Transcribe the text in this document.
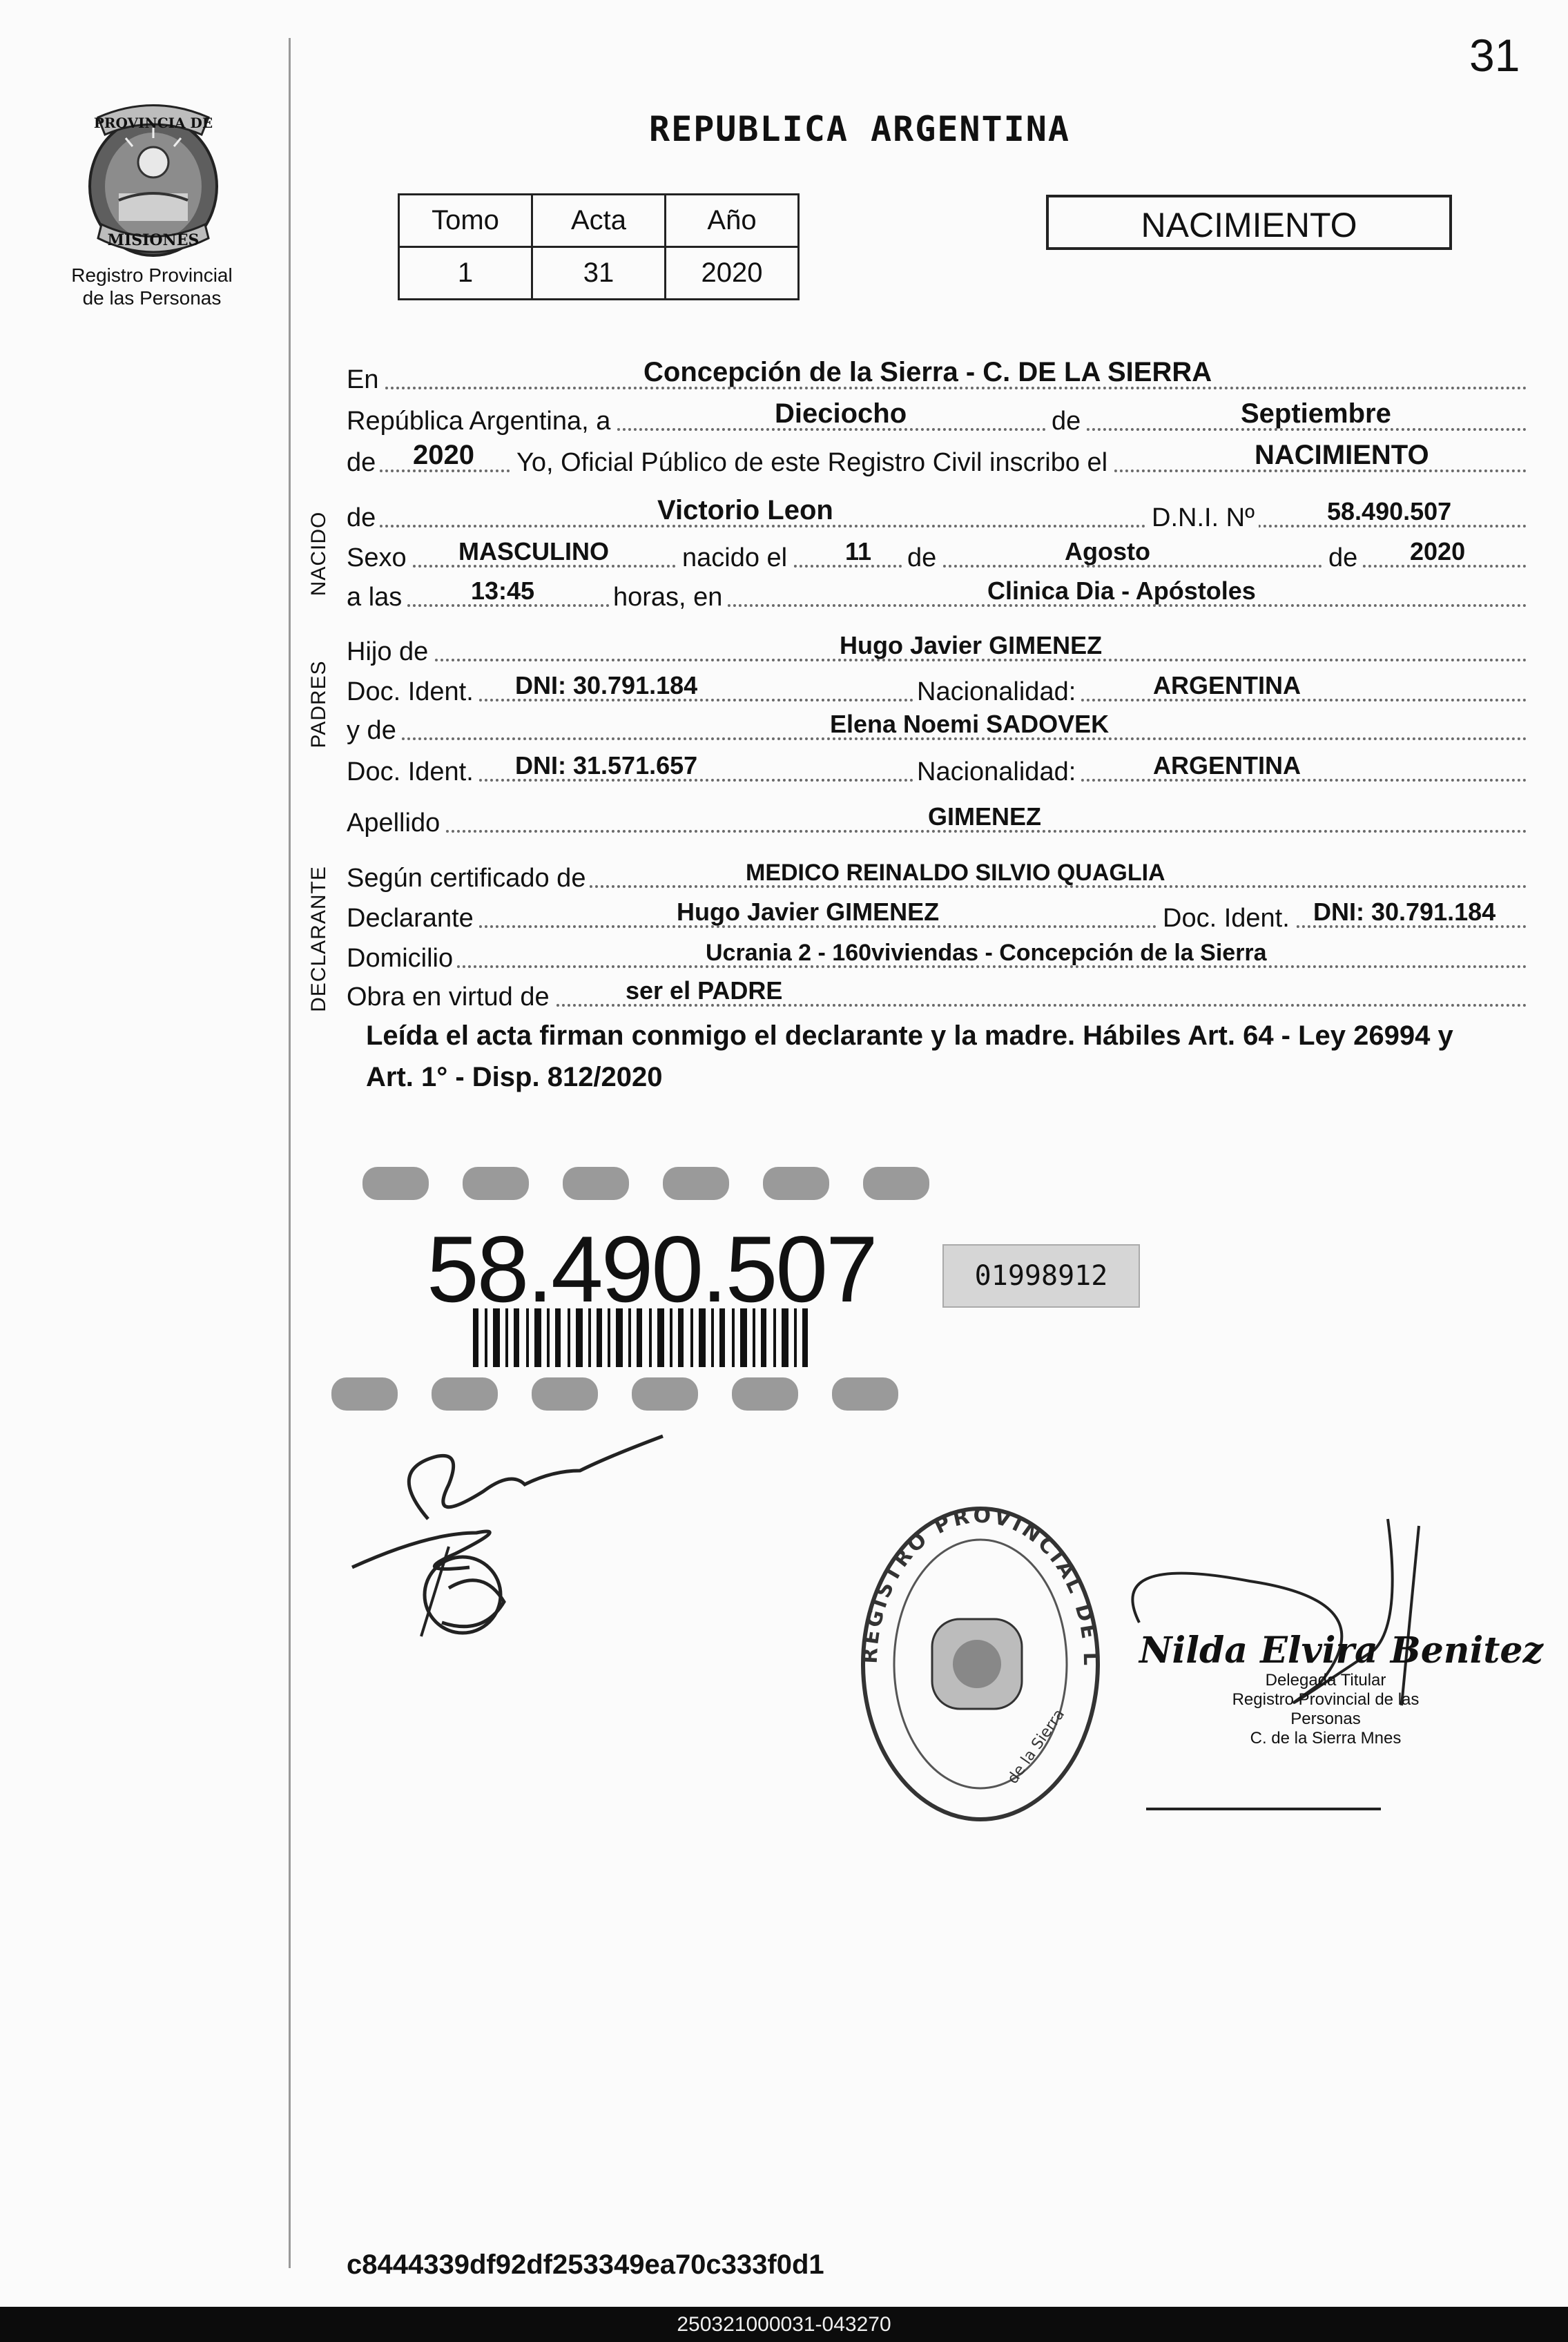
31
PROVINCIA DE
MISIONES
Registro Provincial
de las Personas
REPUBLICA ARGENTINA
Tomo	Acta	Año
1	31	2020
NACIMIENTO
NACIDO
PADRES
DECLARANTE
En	Concepción de la Sierra - C. DE LA SIERRA
República Argentina, a	Dieciocho	de	Septiembre
de 2020 Yo, Oficial Público de este Registro Civil inscribo el	NACIMIENTO
de	Victorio Leon	D.N.I. Nº	58.490.507
Sexo MASCULINO	nacido el 11 de	Agosto	de 2020
a las	13:45	horas, en	Clinica Dia - Apóstoles
Hijo de	Hugo Javier GIMENEZ
Doc. Ident. DNI: 30.791.184	Nacionalidad:	ARGENTINA
y de	Elena Noemi SADOVEK
Doc. Ident. DNI: 31.571.657	Nacionalidad:	ARGENTINA
Apellido	GIMENEZ
Según certificado de	MEDICO REINALDO SILVIO QUAGLIA
Declarante	Hugo Javier GIMENEZ	Doc. Ident. DNI: 30.791.184
Domicilio	Ucrania 2 - 160viviendas - Concepción de la Sierra
Obra en virtud de	ser el PADRE
Leída el acta firman conmigo el declarante y la madre. Hábiles Art. 64 - Ley 26994 y Art. 1° - Disp. 812/2020
58.490.507	01998912
REGISTRO PROVINCIAL DE L
de la Sierra
Nilda Elvira Benitez
Delegada Titular
Registro Provincial de las Personas
C. de la Sierra Mnes
c8444339df92df253349ea70c333f0d1
250321000031-043270
